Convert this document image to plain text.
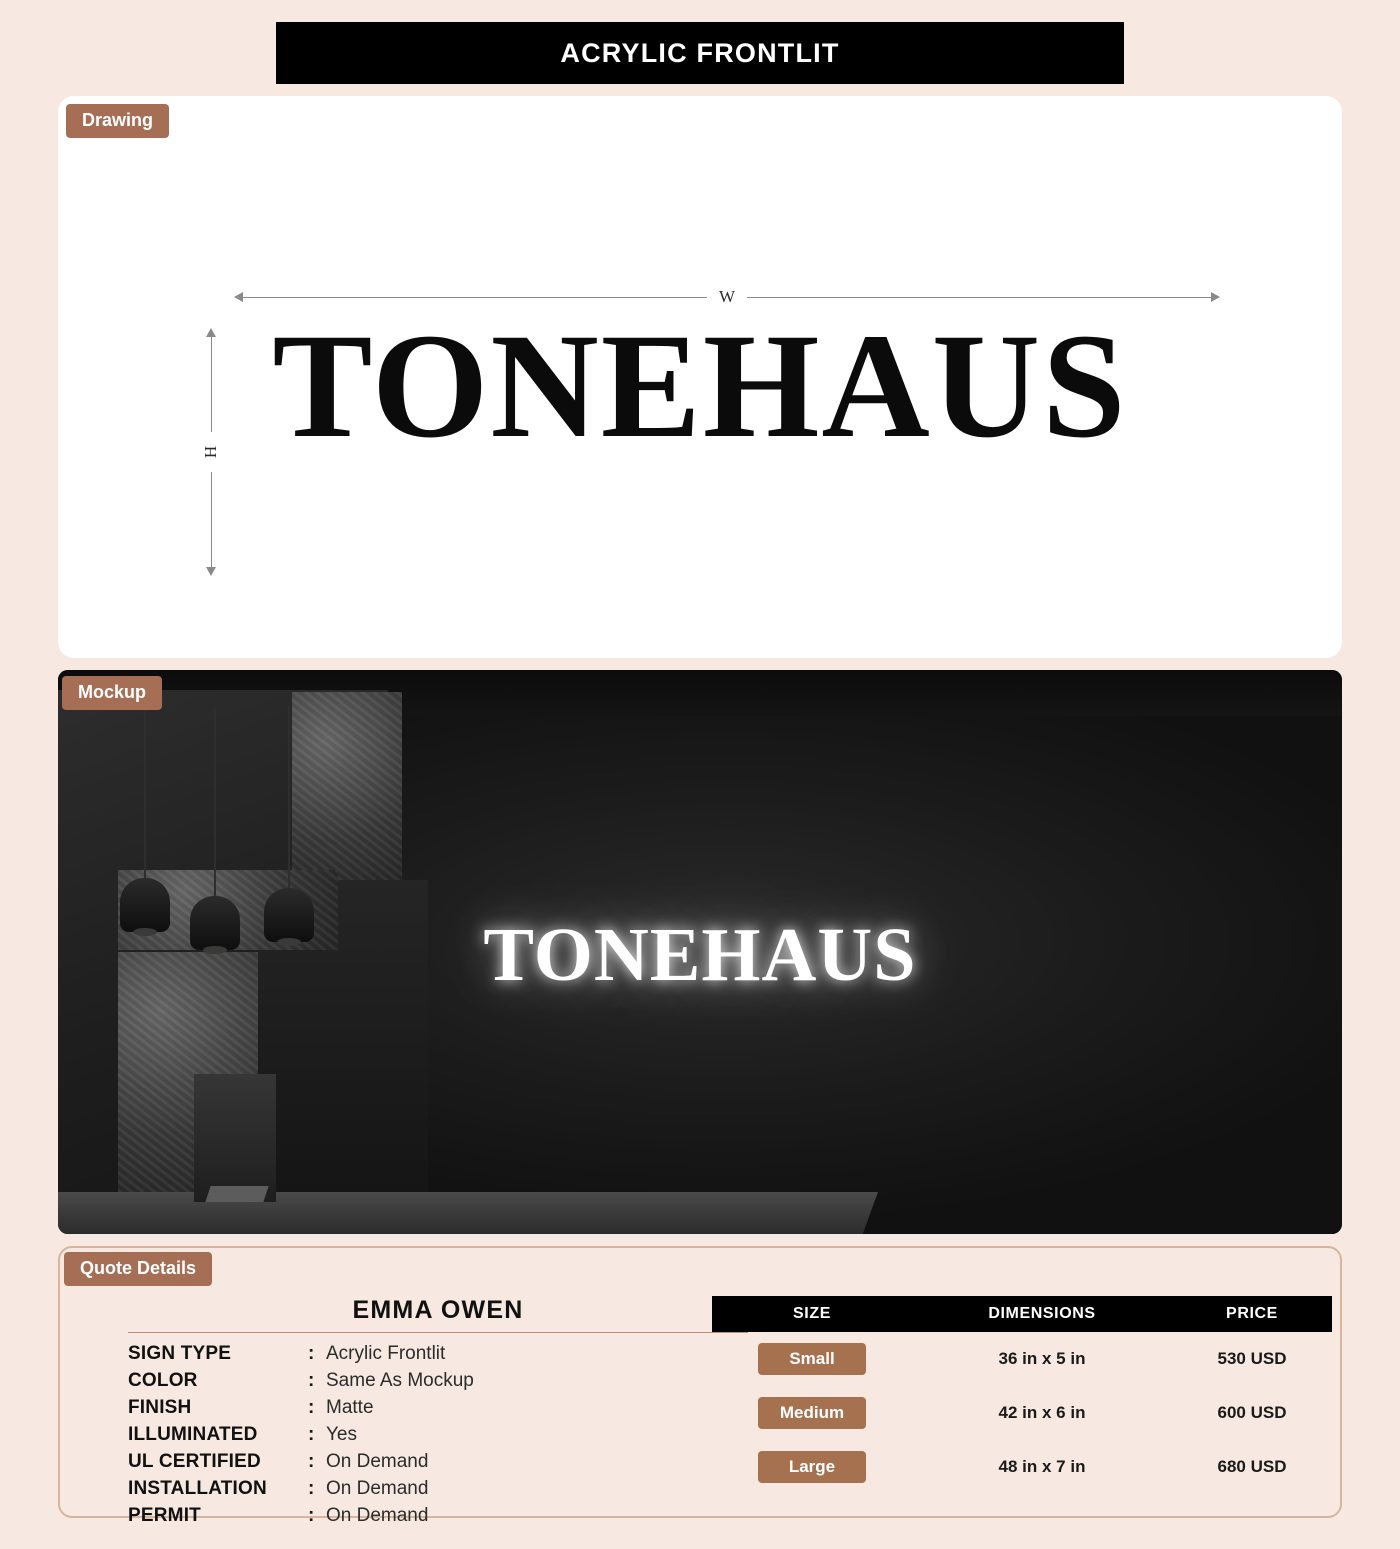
ACRYLIC FRONTLIT
Drawing
W
H TONEHAUS
Mockup
TONEHAUS
Quote Details
EMMA OWEN
SIGN TYPE	: Acrylic Frontlit
COLOR	: Same As Mockup
FINISH	: Matte
ILLUMINATED	: Yes
UL CERTIFIED	: On Demand
INSTALLATION	: On Demand
PERMIT	: On Demand
SIZE	DIMENSIONS	PRICE
Small	36 in x 5 in	530 USD
Medium	42 in x 6 in	600 USD
Large	48 in x 7 in	680 USD
